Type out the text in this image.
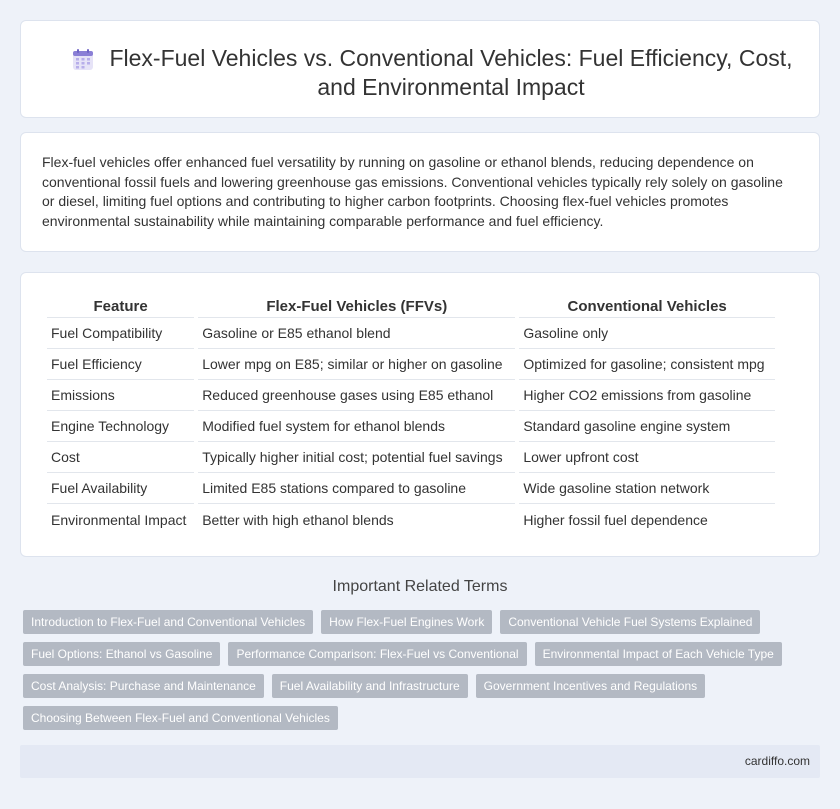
Flex-Fuel Vehicles vs. Conventional Vehicles: Fuel Efficiency, Cost, and Environmental Impact

Flex-fuel vehicles offer enhanced fuel versatility by running on gasoline or ethanol blends, reducing dependence on conventional fossil fuels and lowering greenhouse gas emissions. Conventional vehicles typically rely solely on gasoline or diesel, limiting fuel options and contributing to higher carbon footprints. Choosing flex-fuel vehicles promotes environmental sustainability while maintaining comparable performance and fuel efficiency.

Feature	Flex-Fuel Vehicles (FFVs)	Conventional Vehicles
Fuel Compatibility	Gasoline or E85 ethanol blend	Gasoline only
Fuel Efficiency	Lower mpg on E85; similar or higher on gasoline	Optimized for gasoline; consistent mpg
Emissions	Reduced greenhouse gases using E85 ethanol	Higher CO2 emissions from gasoline
Engine Technology	Modified fuel system for ethanol blends	Standard gasoline engine system
Cost	Typically higher initial cost; potential fuel savings	Lower upfront cost
Fuel Availability	Limited E85 stations compared to gasoline	Wide gasoline station network
Environmental Impact	Better with high ethanol blends	Higher fossil fuel dependence
Important Related Terms
Introduction to Flex-Fuel and Conventional Vehicles	How Flex-Fuel Engines Work	Conventional Vehicle Fuel Systems Explained
Fuel Options: Ethanol vs Gasoline	Performance Comparison: Flex-Fuel vs Conventional	Environmental Impact of Each Vehicle Type
Cost Analysis: Purchase and Maintenance	Fuel Availability and Infrastructure	Government Incentives and Regulations
Choosing Between Flex-Fuel and Conventional Vehicles
cardiffo.com
